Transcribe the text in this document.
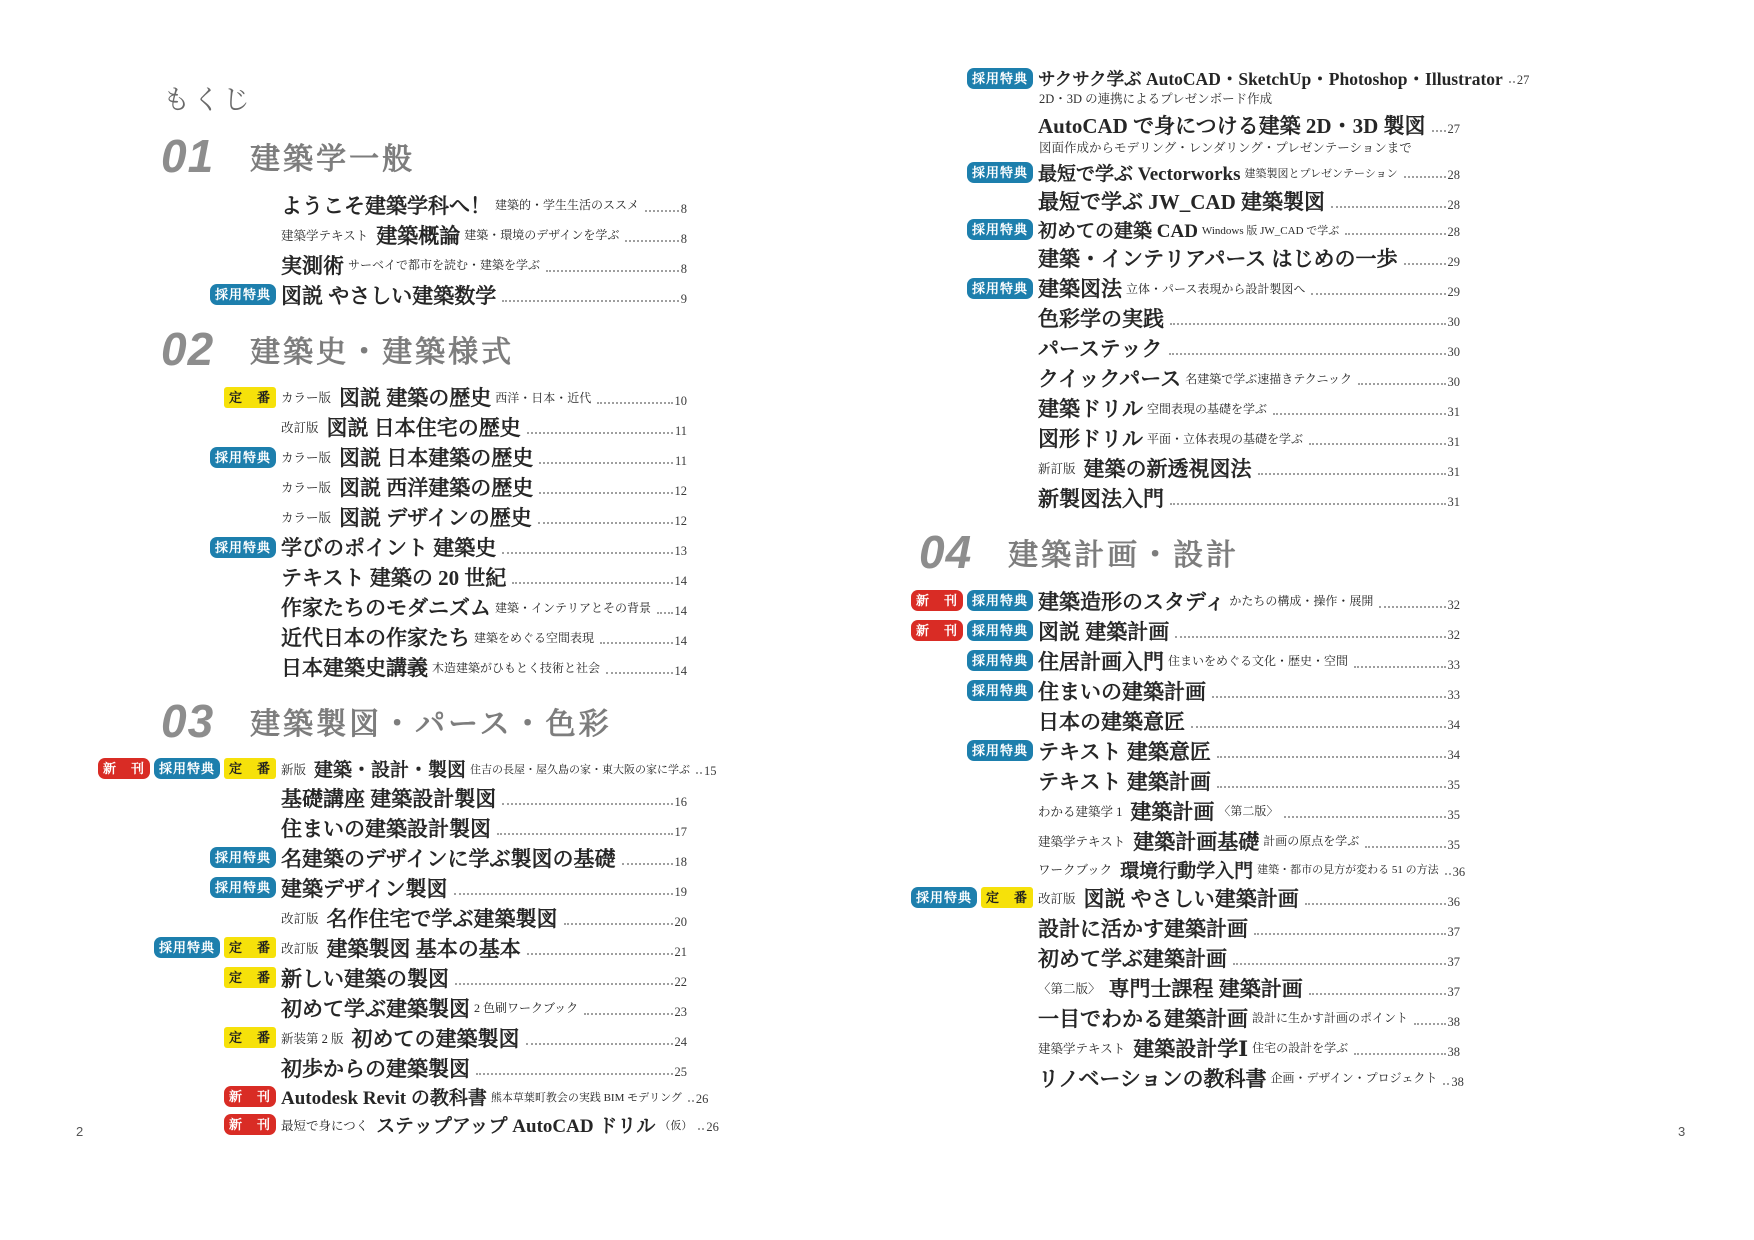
もくじ
01 建築学一般
ようこそ建築学科へ！ 建築的・学生生活のススメ	8
建築学テキスト 建築概論 建築・環境のデザインを学ぶ	8
実測術 サーベイで都市を読む・建築を学ぶ	8
採用特典 図説 やさしい建築数学	9
02 建築史・建築様式
定　番 カラー版 図説 建築の歴史 西洋・日本・近代	10
改訂版 図説 日本住宅の歴史	11
採用特典 カラー版 図説 日本建築の歴史	11
カラー版 図説 西洋建築の歴史	12
カラー版 図説 デザインの歴史	12
採用特典 学びのポイント 建築史	13
テキスト 建築の 20 世紀	14
作家たちのモダニズム 建築・インテリアとその背景 14
近代日本の作家たち 建築をめぐる空間表現	14
日本建築史講義 木造建築がひもとく技術と社会	14
03 建築製図・パース・色彩
新　刊	採用特典	定　番 新版 建築・設計・製図 住吉の長屋・屋久島の家・東大阪の家に学ぶ 15
基礎講座 建築設計製図	16
住まいの建築設計製図	17
採用特典 名建築のデザインに学ぶ製図の基礎	18
採用特典 建築デザイン製図	19
改訂版 名作住宅で学ぶ建築製図	20
採用特典	定　番 改訂版 建築製図 基本の基本	21
定　番 新しい建築の製図	22
初めて学ぶ建築製図 2 色刷ワークブック	23
定　番 新装第 2 版 初めての建築製図	24
初歩からの建築製図	25
新　刊 Autodesk Revit の教科書 熊本草葉町教会の実践 BIM モデリング 26
新　刊 最短で身につく ステップアップ AutoCAD ドリル （仮） 26
採用特典 サクサク学ぶ AutoCAD・SketchUp・Photoshop・Illustrator 27
2D・3D の連携によるプレゼンボード作成
AutoCAD で身につける建築 2D・3D 製図 27
図面作成からモデリング・レンダリング・プレゼンテーションまで
採用特典 最短で学ぶ Vectorworks 建築製図とプレゼンテーション	28
最短で学ぶ JW_CAD 建築製図	28
採用特典 初めての建築 CAD Windows 版 JW_CAD で学ぶ	28
建築・インテリアパース はじめの一歩	29
採用特典 建築図法 立体・パース表現から設計製図へ	29
色彩学の実践	30
パーステック	30
クイックパース 名建築で学ぶ速描きテクニック	30
建築ドリル 空間表現の基礎を学ぶ	31
図形ドリル 平面・立体表現の基礎を学ぶ	31
新訂版 建築の新透視図法	31
新製図法入門	31
04 建築計画・設計
新　刊	採用特典 建築造形のスタディ かたちの構成・操作・展開	32
新　刊	採用特典 図説 建築計画	32
採用特典 住居計画入門 住まいをめぐる文化・歴史・空間	33
採用特典 住まいの建築計画	33
日本の建築意匠	34
採用特典 テキスト 建築意匠	34
テキスト 建築計画	35
わかる建築学 1 建築計画 〈第二版〉	35
建築学テキスト 建築計画基礎 計画の原点を学ぶ	35
ワークブック 環境行動学入門 建築・都市の見方が変わる 51 の方法 36
採用特典	定　番 改訂版 図説 やさしい建築計画	36
設計に活かす建築計画	37
初めて学ぶ建築計画	37
〈第二版〉 専門士課程 建築計画	37
一目でわかる建築計画 設計に生かす計画のポイント	38
建築学テキスト 建築設計学Ⅰ 住宅の設計を学ぶ	38
リノベーションの教科書 企画・デザイン・プロジェクト 38
2	3
